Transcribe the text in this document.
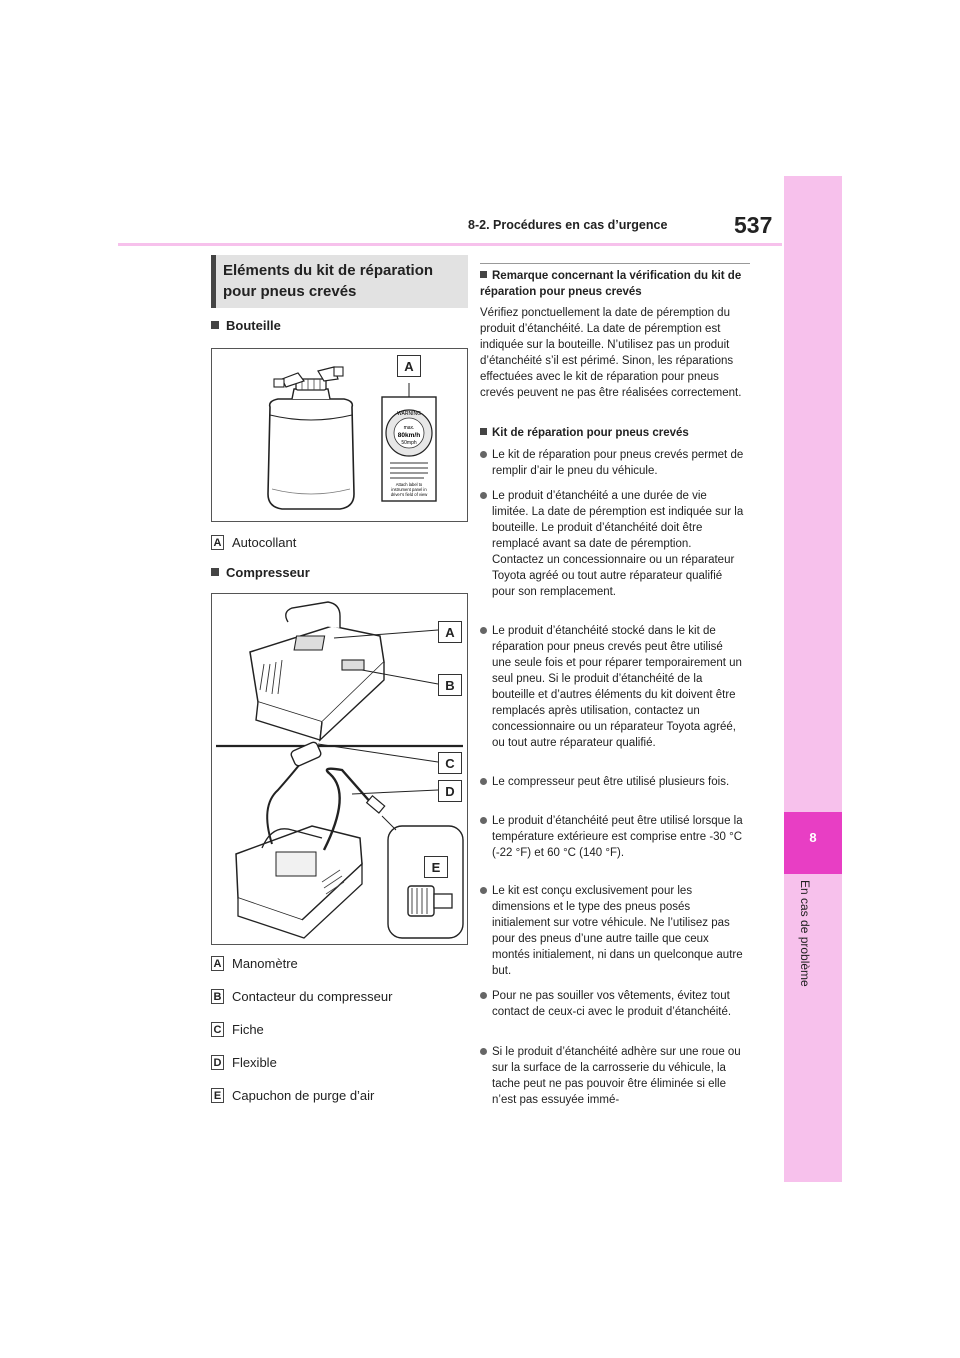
8
En cas de problème
8-2. Procédures en cas d’urgence	537
Eléments du kit de réparation
pour pneus crevés
Bouteille
WARNING
max.
80km/h
50mph
Attach label to
instrument panel in
driver’s field of view
A
A Autocollant
Compresseur
A
B
C
D
E
A Manomètre
B Contacteur du compresseur
C Fiche
D Flexible
E Capuchon de purge d’air
Remarque concernant la vérification du kit de réparation pour pneus crevés
Vérifiez ponctuellement la date de péremption du produit d’étanchéité. La date de péremption est indiquée sur la bouteille. N’utilisez pas un produit d’étanchéité s’il est périmé. Sinon, les réparations effectuées avec le kit de réparation pour pneus crevés peuvent ne pas être réalisées correctement.
Kit de réparation pour pneus crevés
Le kit de réparation pour pneus crevés permet de remplir d’air le pneu du véhicule.
Le produit d’étanchéité a une durée de vie limitée. La date de péremption est indiquée sur la bouteille. Le produit d’étanchéité doit être remplacé avant sa date de péremption. Contactez un concessionnaire ou un réparateur Toyota agréé ou tout autre réparateur qualifié pour son remplacement.
Le produit d’étanchéité stocké dans le kit de réparation pour pneus crevés peut être utilisé une seule fois et pour réparer temporairement un seul pneu. Si le produit d’étanchéité de la bouteille et d’autres éléments du kit doivent être remplacés après utilisation, contactez un concessionnaire ou un réparateur Toyota agréé, ou tout autre réparateur qualifié.
Le compresseur peut être utilisé plusieurs fois.
Le produit d’étanchéité peut être utilisé lorsque la température extérieure est comprise entre -30 °C (-22 °F) et 60 °C (140 °F).
Le kit est conçu exclusivement pour les dimensions et le type des pneus posés initialement sur votre véhicule. Ne l’utilisez pas pour des pneus d’une autre taille que ceux montés initialement, ni dans un quelconque autre but.
Pour ne pas souiller vos vêtements, évitez tout contact de ceux-ci avec le produit d’étanchéité.
Si le produit d’étanchéité adhère sur une roue ou sur la surface de la carrosserie du véhicule, la tache peut ne pas pouvoir être éliminée si elle n’est pas essuyée immé-
